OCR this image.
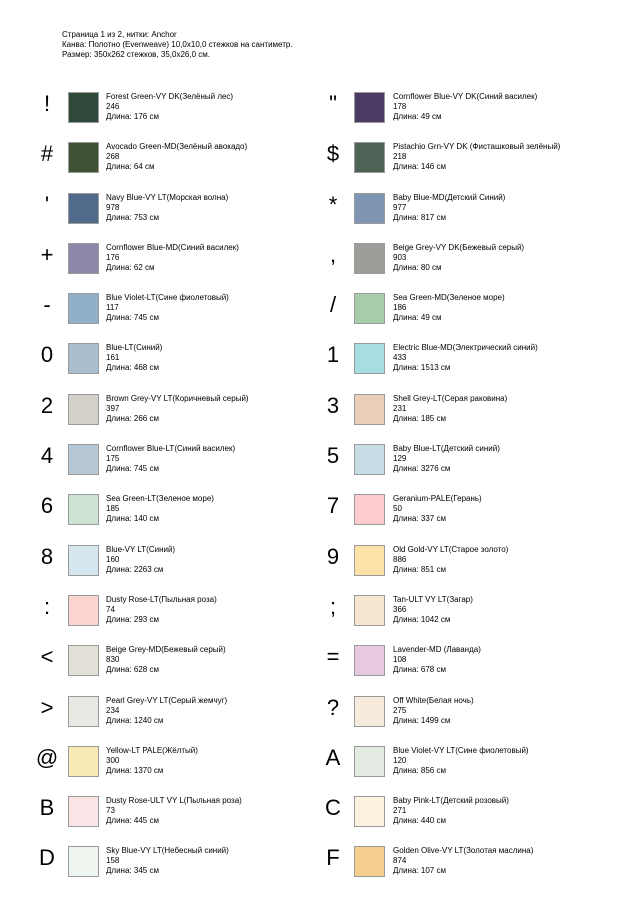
Страница 1 из 2, нитки: Anchor
Канва: Полотно (Evenweave) 10,0x10,0 стежков на сантиметр.
Размер: 350x262 стежков, 35,0x26,0 см.
!	Forest Green-VY DK(Зелёный лес)
246
Длина: 176 см
#	Avocado Green-MD(Зелёный авокадо)
268
Длина: 64 см
'	Navy Blue-VY LT(Морская волна)
978
Длина: 753 см
+	Cornflower Blue-MD(Синий василек)
176
Длина: 62 см
-	Blue Violet-LT(Сине фиолетовый)
117
Длина: 745 см
0	Blue-LT(Синий)
161
Длина: 468 см
2	Brown Grey-VY LT(Коричневый серый)
397
Длина: 266 см
4	Cornflower Blue-LT(Синий василек)
175
Длина: 745 см
6	Sea Green-LT(Зеленое море)
185
Длина: 140 см
8	Blue-VY LT(Синий)
160
Длина: 2263 см
:	Dusty Rose-LT(Пыльная роза)
74
Длина: 293 см
<	Beige Grey-MD(Бежевый серый)
830
Длина: 628 см
>	Pearl Grey-VY LT(Серый жемчуг)
234
Длина: 1240 см
@	Yellow-LT PALE(Жёлтый)
300
Длина: 1370 см
B	Dusty Rose-ULT VY L(Пыльная роза)
73
Длина: 445 см
D	Sky Blue-VY LT(Небесный синий)
158
Длина: 345 см
"	Cornflower Blue-VY DK(Синий василек)
178
Длина: 49 см
$	Pistachio Grn-VY DK (Фисташковый зелёный)
218
Длина: 146 см
*	Baby Blue-MD(Детский Синий)
977
Длина: 817 см
,	Beige Grey-VY DK(Бежевый серый)
903
Длина: 80 см
/	Sea Green-MD(Зеленое море)
186
Длина: 49 см
1	Electric Blue-MD(Электрический синий)
433
Длина: 1513 см
3	Shell Grey-LT(Серая раковина)
231
Длина: 185 см
5	Baby Blue-LT(Детский синий)
129
Длина: 3276 см
7	Geranium-PALE(Герань)
50
Длина: 337 см
9	Old Gold-VY LT(Старое золото)
886
Длина: 851 см
;	Tan-ULT VY LT(Загар)
366
Длина: 1042 см
=	Lavender-MD (Лаванда)
108
Длина: 678 см
?	Off White(Белая ночь)
275
Длина: 1499 см
A	Blue Violet-VY LT(Сине фиолетовый)
120
Длина: 856 см
C	Baby Pink-LT(Детский розовый)
271
Длина: 440 см
F	Golden Olive-VY LT(Золотая маслина)
874
Длина: 107 см
